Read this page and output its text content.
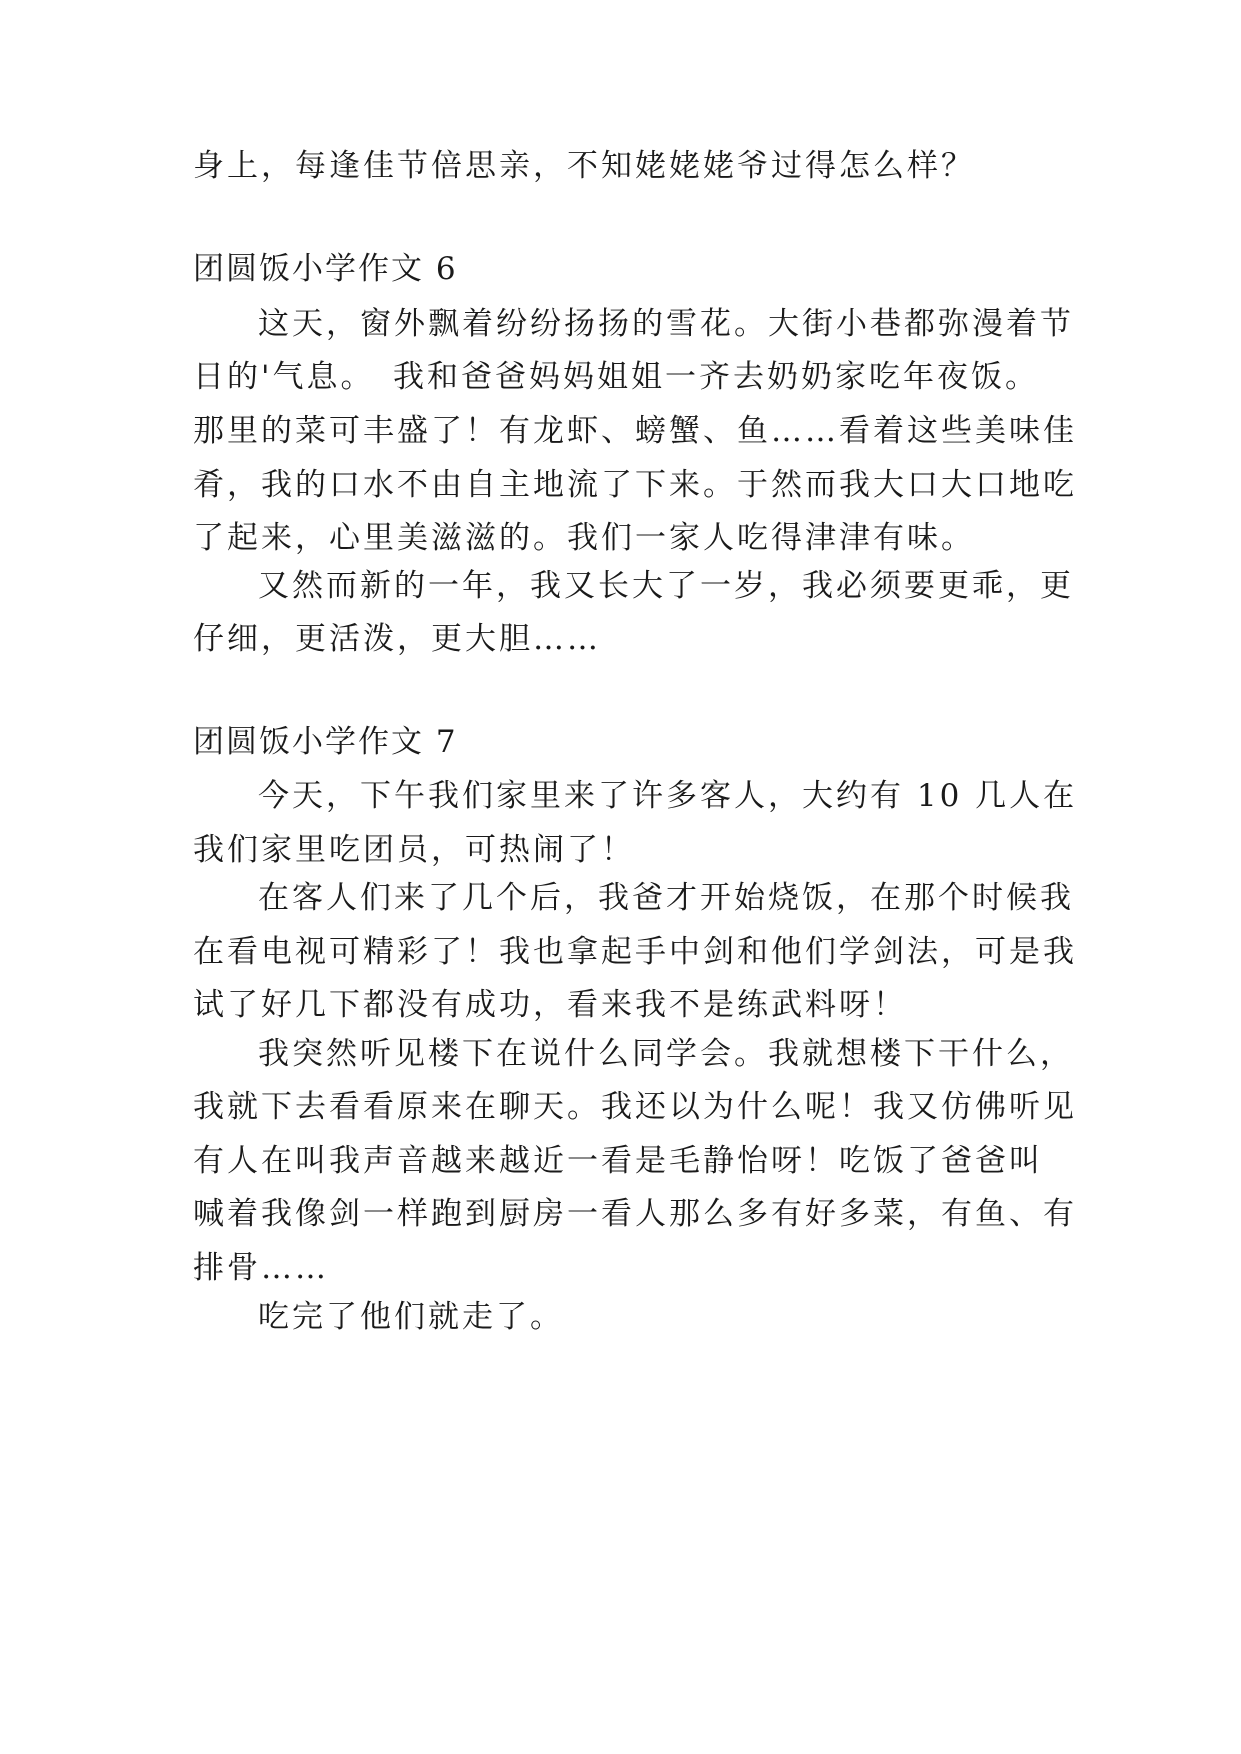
身上，每逢佳节倍思亲，不知姥姥姥爷过得怎么样？
团圆饭小学作文 6
这天，窗外飘着纷纷扬扬的雪花。大街小巷都弥漫着节
日的'气息。　我和爸爸妈妈姐姐一齐去奶奶家吃年夜饭。
那里的菜可丰盛了！有龙虾、螃蟹、鱼……看着这些美味佳
肴，我的口水不由自主地流了下来。于然而我大口大口地吃
了起来，心里美滋滋的。我们一家人吃得津津有味。
又然而新的一年，我又长大了一岁，我必须要更乖，更
仔细，更活泼，更大胆……
团圆饭小学作文 7
今天，下午我们家里来了许多客人，大约有 10 几人在
我们家里吃团员，可热闹了！
在客人们来了几个后，我爸才开始烧饭，在那个时候我
在看电视可精彩了！我也拿起手中剑和他们学剑法，可是我
试了好几下都没有成功，看来我不是练武料呀！
我突然听见楼下在说什么同学会。我就想楼下干什么，
我就下去看看原来在聊天。我还以为什么呢！我又仿佛听见
有人在叫我声音越来越近一看是毛静怡呀！吃饭了爸爸叫
喊着我像剑一样跑到厨房一看人那么多有好多菜，有鱼、有
排骨……
吃完了他们就走了。
